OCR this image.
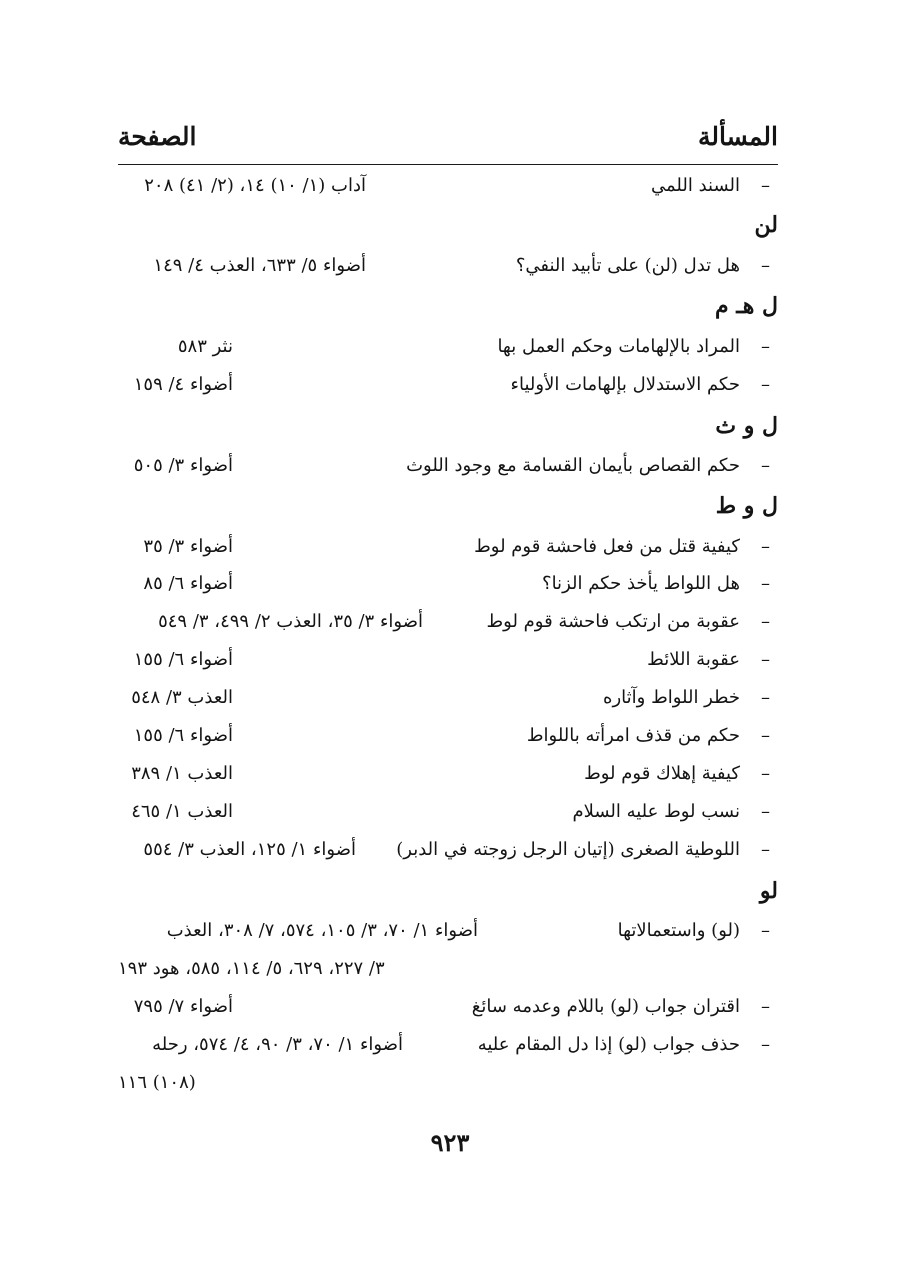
المسألة
الصفحة
–
السند اللمي
آداب (١/ ١٠) ١٤، (٢/ ٤١) ٢٠٨
لن
–
هل تدل (لن) على تأبيد النفي؟
أضواء ٥/ ٦٣٣، العذب ٤/ ١٤٩
ل هـ م
–
المراد بالإلهامات وحكم العمل بها
نثر ٥٨٣
–
حكم الاستدلال بإلهامات الأولياء
أضواء ٤/ ١٥٩
ل و ث
–
حكم القصاص بأيمان القسامة مع وجود اللوث
أضواء ٣/ ٥٠٥
ل و ط
–
كيفية قتل من فعل فاحشة قوم لوط
أضواء ٣/ ٣٥
–
هل اللواط يأخذ حكم الزنا؟
أضواء ٦/ ٨٥
–
عقوبة من ارتكب فاحشة قوم لوط
أضواء ٣/ ٣٥، العذب ٢/ ٤٩٩، ٣/ ٥٤٩
–
عقوبة اللائط
أضواء ٦/ ١٥٥
–
خطر اللواط وآثاره
العذب ٣/ ٥٤٨
–
حكم من قذف امرأته باللواط
أضواء ٦/ ١٥٥
–
كيفية إهلاك قوم لوط
العذب ١/ ٣٨٩
–
نسب لوط عليه السلام
العذب ١/ ٤٦٥
–
اللوطية الصغرى (إتيان الرجل زوجته في الدبر)
أضواء ١/ ١٢٥، العذب ٣/ ٥٥٤
لو
–
(لو) واستعمالاتها
أضواء ١/ ٧٠، ٣/ ١٠٥، ٥٧٤، ٧/ ٣٠٨، العذب
٣/ ٢٢٧، ٦٢٩، ٥/ ١١٤، ٥٨٥، هود ١٩٣
–
اقتران جواب (لو) باللام وعدمه سائغ
أضواء ٧/ ٧٩٥
–
حذف جواب (لو) إذا دل المقام عليه
أضواء ١/ ٧٠، ٣/ ٩٠، ٤/ ٥٧٤، رحله
(١٠٨) ١١٦
٩٢٣
